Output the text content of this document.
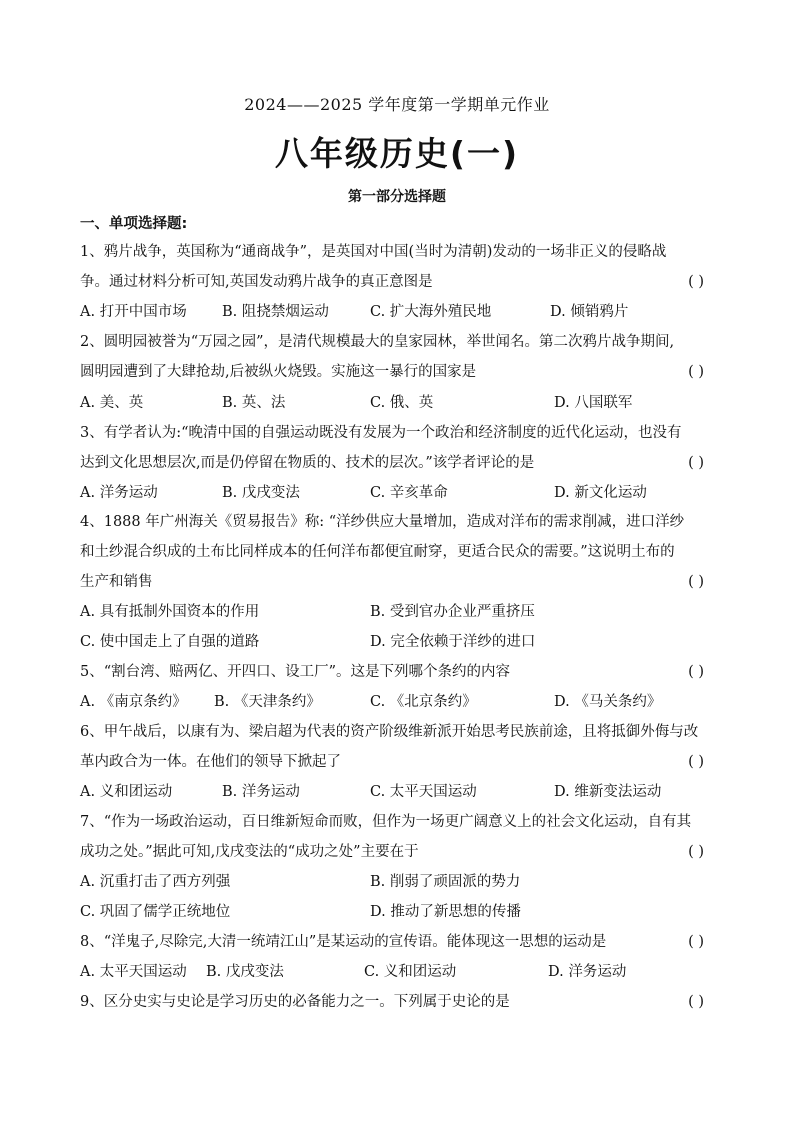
2024——2025 学年度第一学期单元作业
八年级历史(一)
第一部分选择题
一、单项选择题:
1、鸦片战争，英国称为“通商战争”，是英国对中国(当时为清朝)发动的一场非正义的侵略战
争。通过材料分析可知,英国发动鸦片战争的真正意图是	( )
A. 打开中国市场 B. 阻挠禁烟运动	C. 扩大海外殖民地	D. 倾销鸦片
2、圆明园被誉为“万园之园”，是清代规模最大的皇家园林，举世闻名。第二次鸦片战争期间,
圆明园遭到了大肆抢劫,后被纵火烧毁。实施这一暴行的国家是	( )
A. 美、英	B. 英、法	C. 俄、英	D. 八国联军
3、有学者认为:“晚清中国的自强运动既没有发展为一个政治和经济制度的近代化运动，也没有
达到文化思想层次,而是仍停留在物质的、技术的层次。”该学者评论的是	( )
A. 洋务运动	B. 戊戌变法	C. 辛亥革命	D. 新文化运动
4、1888 年广州海关《贸易报告》称: “洋纱供应大量增加，造成对洋布的需求削减，进口洋纱
和土纱混合织成的土布比同样成本的任何洋布都便宜耐穿，更适合民众的需要。”这说明土布的
生产和销售	( )
A. 具有抵制外国资本的作用	B. 受到官办企业严重挤压
C. 使中国走上了自强的道路	D. 完全依赖于洋纱的进口
5、“割台湾、赔两亿、开四口、设工厂”。这是下列哪个条约的内容	( )
A. 《南京条约》 B. 《天津条约》	C. 《北京条约》	D. 《马关条约》
6、甲午战后，以康有为、梁启超为代表的资产阶级维新派开始思考民族前途，且将抵御外侮与改
革内政合为一体。在他们的领导下掀起了	( )
A. 义和团运动	B. 洋务运动	C. 太平天国运动	D. 维新变法运动
7、“作为一场政治运动，百日维新短命而败，但作为一场更广阔意义上的社会文化运动，自有其
成功之处。”据此可知,戊戌变法的“成功之处”主要在于	( )
A. 沉重打击了西方列强	B. 削弱了顽固派的势力
C. 巩固了儒学正统地位	D. 推动了新思想的传播
8、“洋鬼子,尽除完,大清一统靖江山”是某运动的宣传语。能体现这一思想的运动是	( )
A. 太平天国运动 B. 戊戌变法	C. 义和团运动	D. 洋务运动
9、区分史实与史论是学习历史的必备能力之一。下列属于史论的是	( )
